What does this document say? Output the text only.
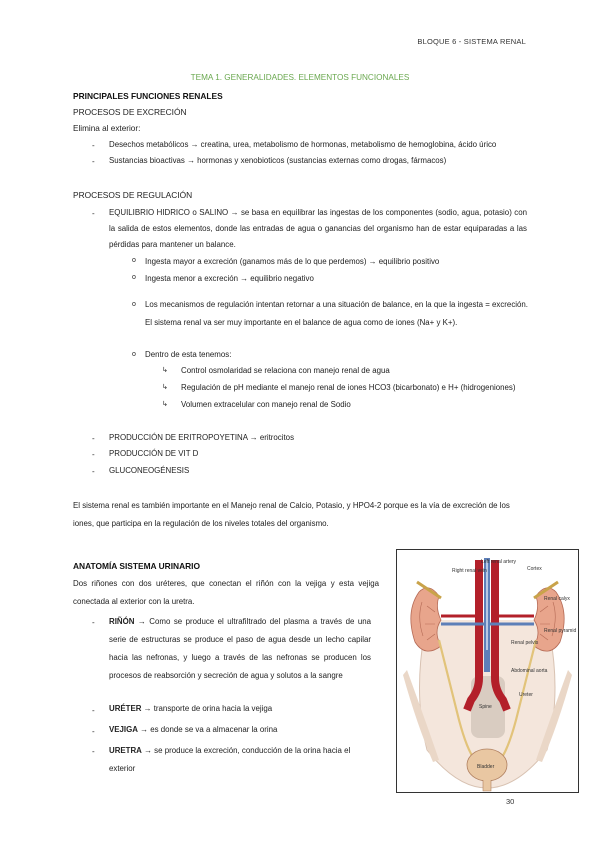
BLOQUE 6 - SISTEMA RENAL
TEMA 1. GENERALIDADES. ELEMENTOS FUNCIONALES
PRINCIPALES FUNCIONES RENALES
PROCESOS DE EXCRECIÓN
Elimina al exterior:
- Desechos metabólicos → creatina, urea, metabolismo de hormonas, metabolismo de hemoglobina, ácido úrico
- Sustancias bioactivas → hormonas y xenobioticos (sustancias externas como drogas, fármacos)
PROCESOS DE REGULACIÓN
- EQUILIBRIO HIDRICO o SALINO → se basa en equilibrar las ingestas de los componentes (sodio, agua, potasio) con la salida de estos elementos, donde las entradas de agua o ganancias del organismo han de estar equiparadas a las pérdidas para mantener un balance.
o Ingesta mayor a excreción (ganamos más de lo que perdemos) → equilibrio positivo
o Ingesta menor a excreción → equilibrio negativo
o Los mecanismos de regulación intentan retornar a una situación de balance, en la que la ingesta = excreción. El sistema renal va ser muy importante en el balance de agua como de iones (Na+ y K+).
o Dentro de esta tenemos:
↳ Control osmolaridad se relaciona con manejo renal de agua
↳ Regulación de pH mediante el manejo renal de iones HCO3 (bicarbonato) e H+ (hidrogeniones)
↳ Volumen extracelular con manejo renal de Sodio
- PRODUCCIÓN DE ERITROPOYETINA → eritrocitos
- PRODUCCIÓN DE VIT D
- GLUCONEOGÉNESIS
El sistema renal es también importante en el Manejo renal de Calcio, Potasio, y HPO4-2 porque es la vía de excreción de los iones, que participa en la regulación de los niveles totales del organismo.
ANATOMÍA SISTEMA URINARIO
Dos riñones con dos uréteres, que conectan el riñón con la vejiga y esta vejiga conectada al exterior con la uretra.
- RIÑÓN → Como se produce el ultrafiltrado del plasma a través de una serie de estructuras se produce el paso de agua desde un lecho capilar hacia las nefronas, y luego a través de las nefronas se producen los procesos de reabsorción y secreción de agua y solutos a la sangre
- URÉTER → transporte de orina hacia la vejiga
- VEJIGA → es donde se va a almacenar la orina
- URETRA → se produce la excreción, conducción de la orina hacia el exterior
Left renal artery
Cortex
Right renal vein
Renal calyx
Renal pyramid
Renal pelvis
Abdominal aorta
Ureter
Spine
Bladder
30
